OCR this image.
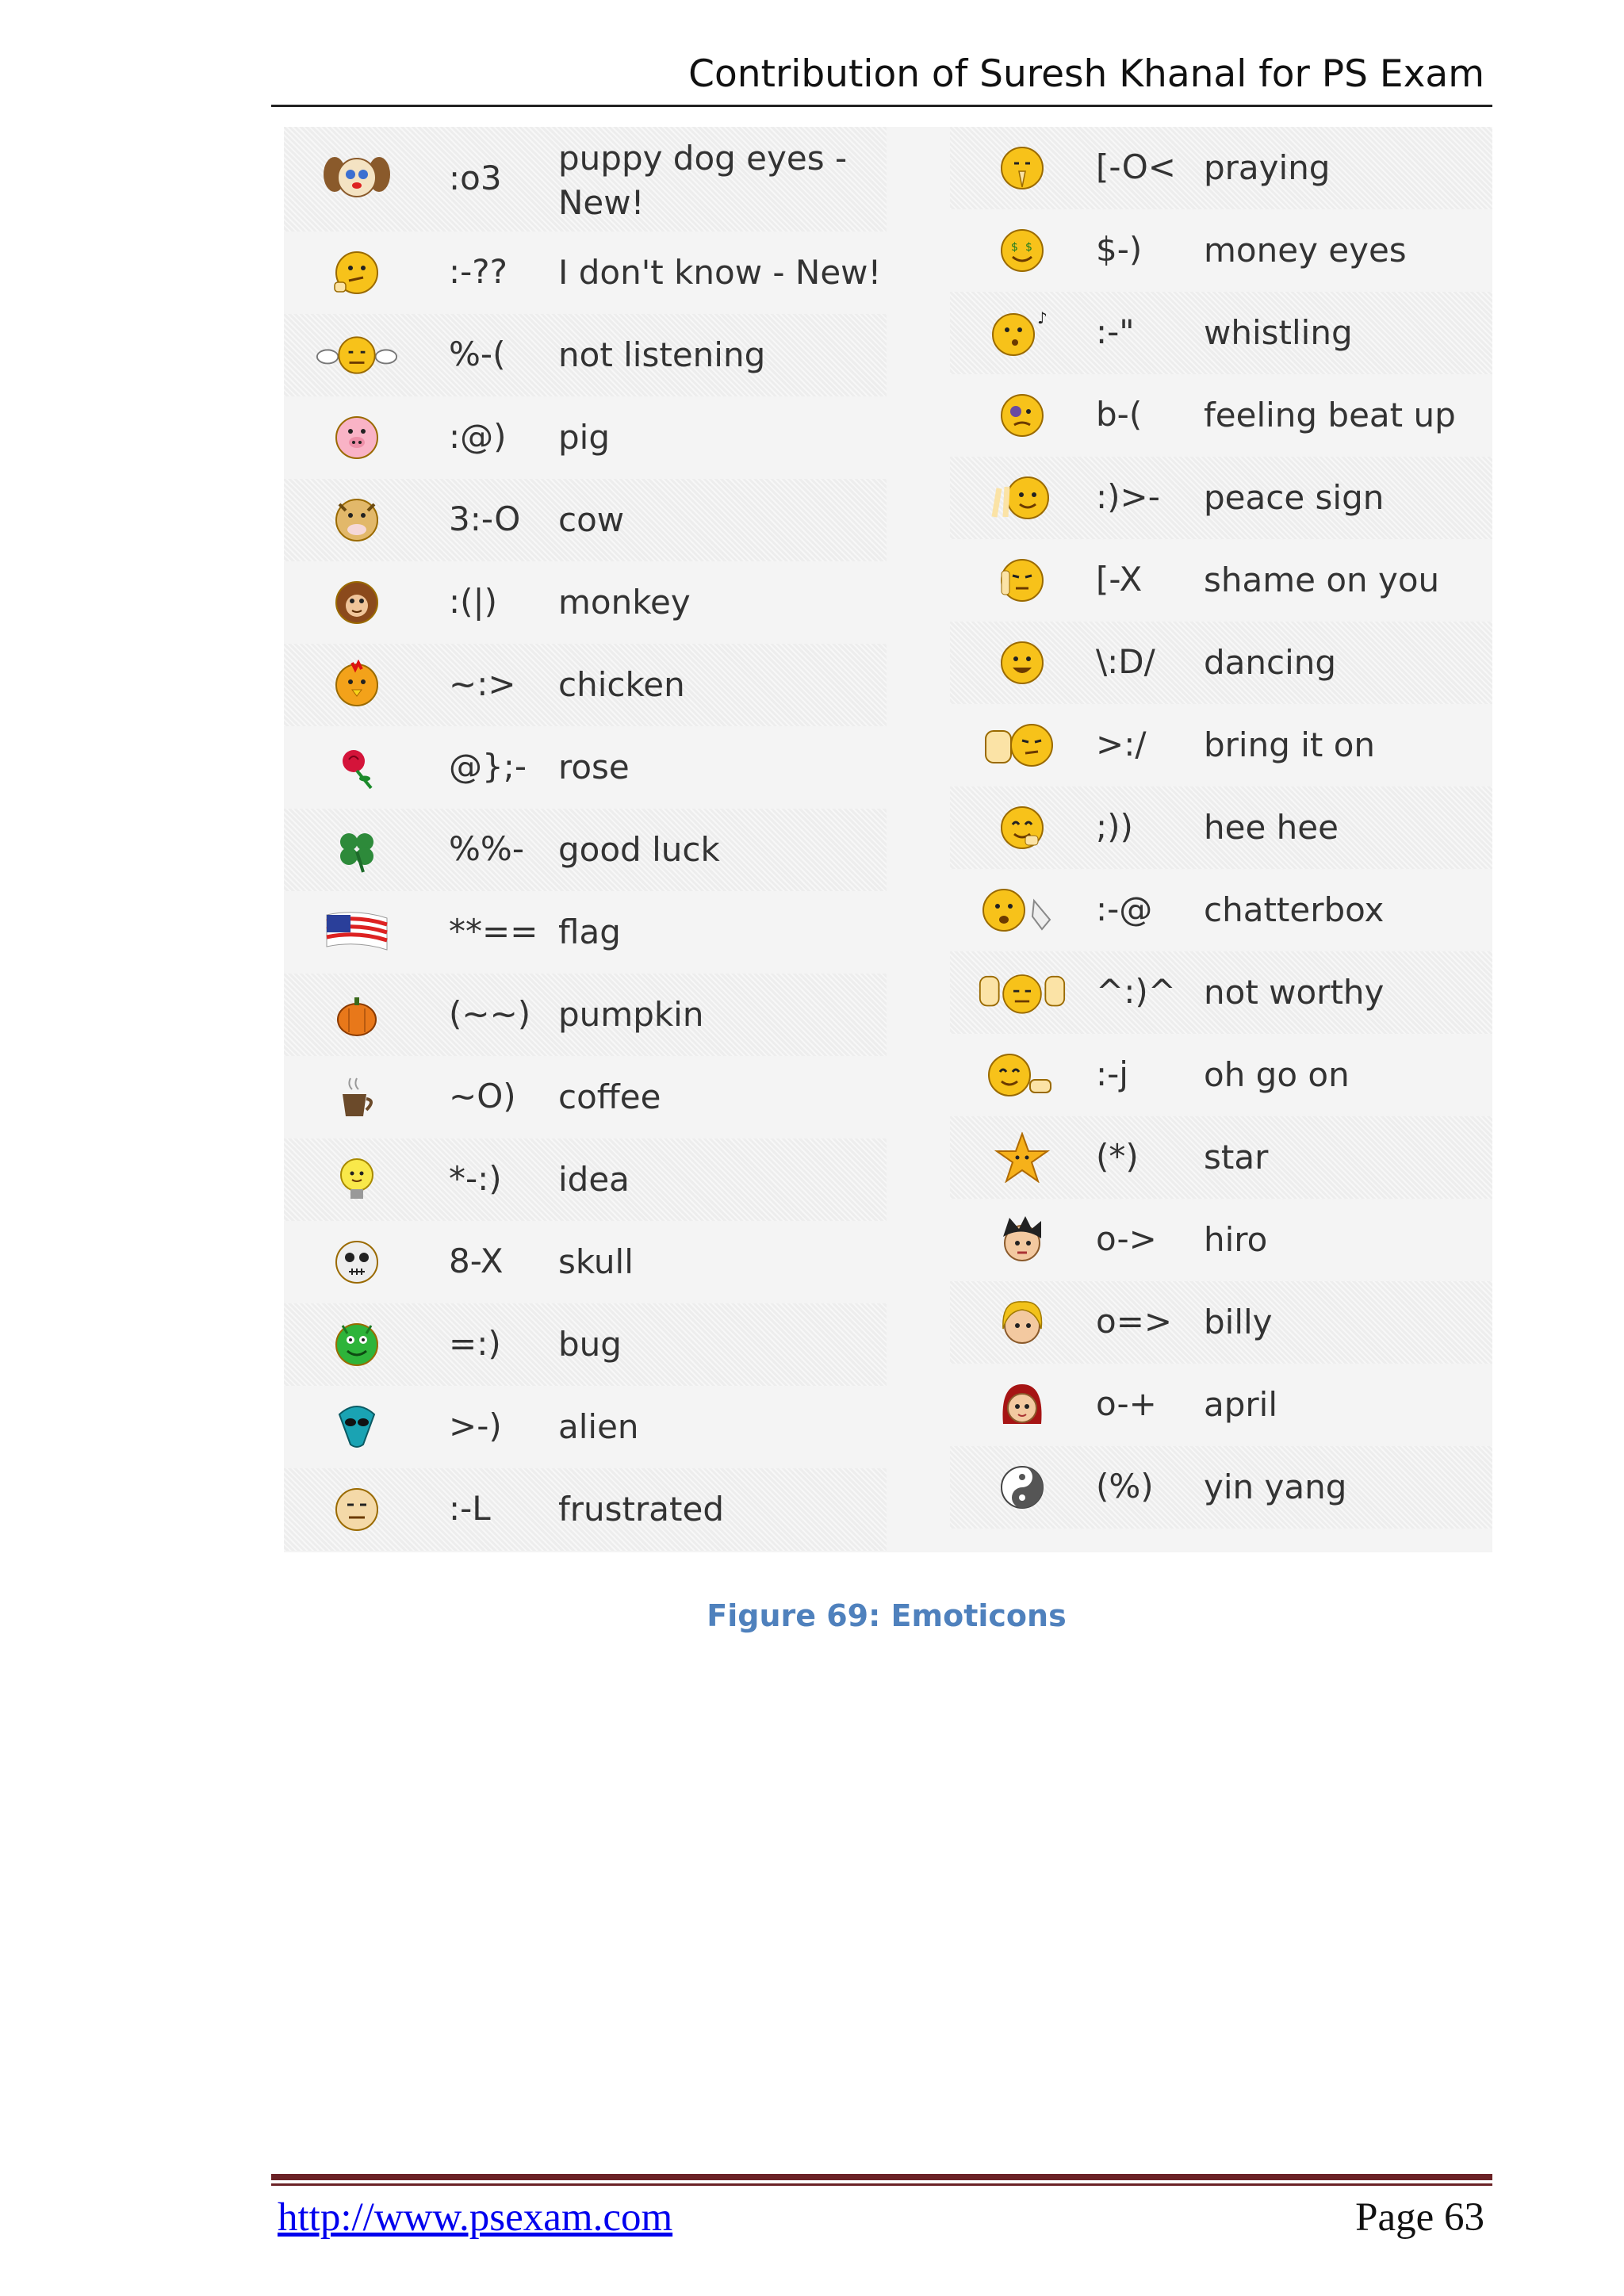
Contribution of Suresh Khanal for PS Exam
:o3
puppy dog eyes - New!
:-?? I don't know - New!
%-( not listening
:@) pig
3:-O cow
:(|) monkey
~:> chicken
@};- rose
%%- good luck
**== flag
(~~) pumpkin
~O) coffee
*-:) idea
8-X skull
=:) bug
>-) alien
:-L frustrated
[-O< praying
$ $ $-) money eyes
♪ :-" whistling
b-( feeling beat up
:)>- peace sign
[-X shame on you
\:D/ dancing
>:/ bring it on
;)) hee hee
:-@ chatterbox
^:)^ not worthy
:-j oh go on
(*) star
o-> hiro
o=> billy
o-+ april
(%) yin yang
Figure 69: Emoticons
http://www.psexam.com	Page 63
